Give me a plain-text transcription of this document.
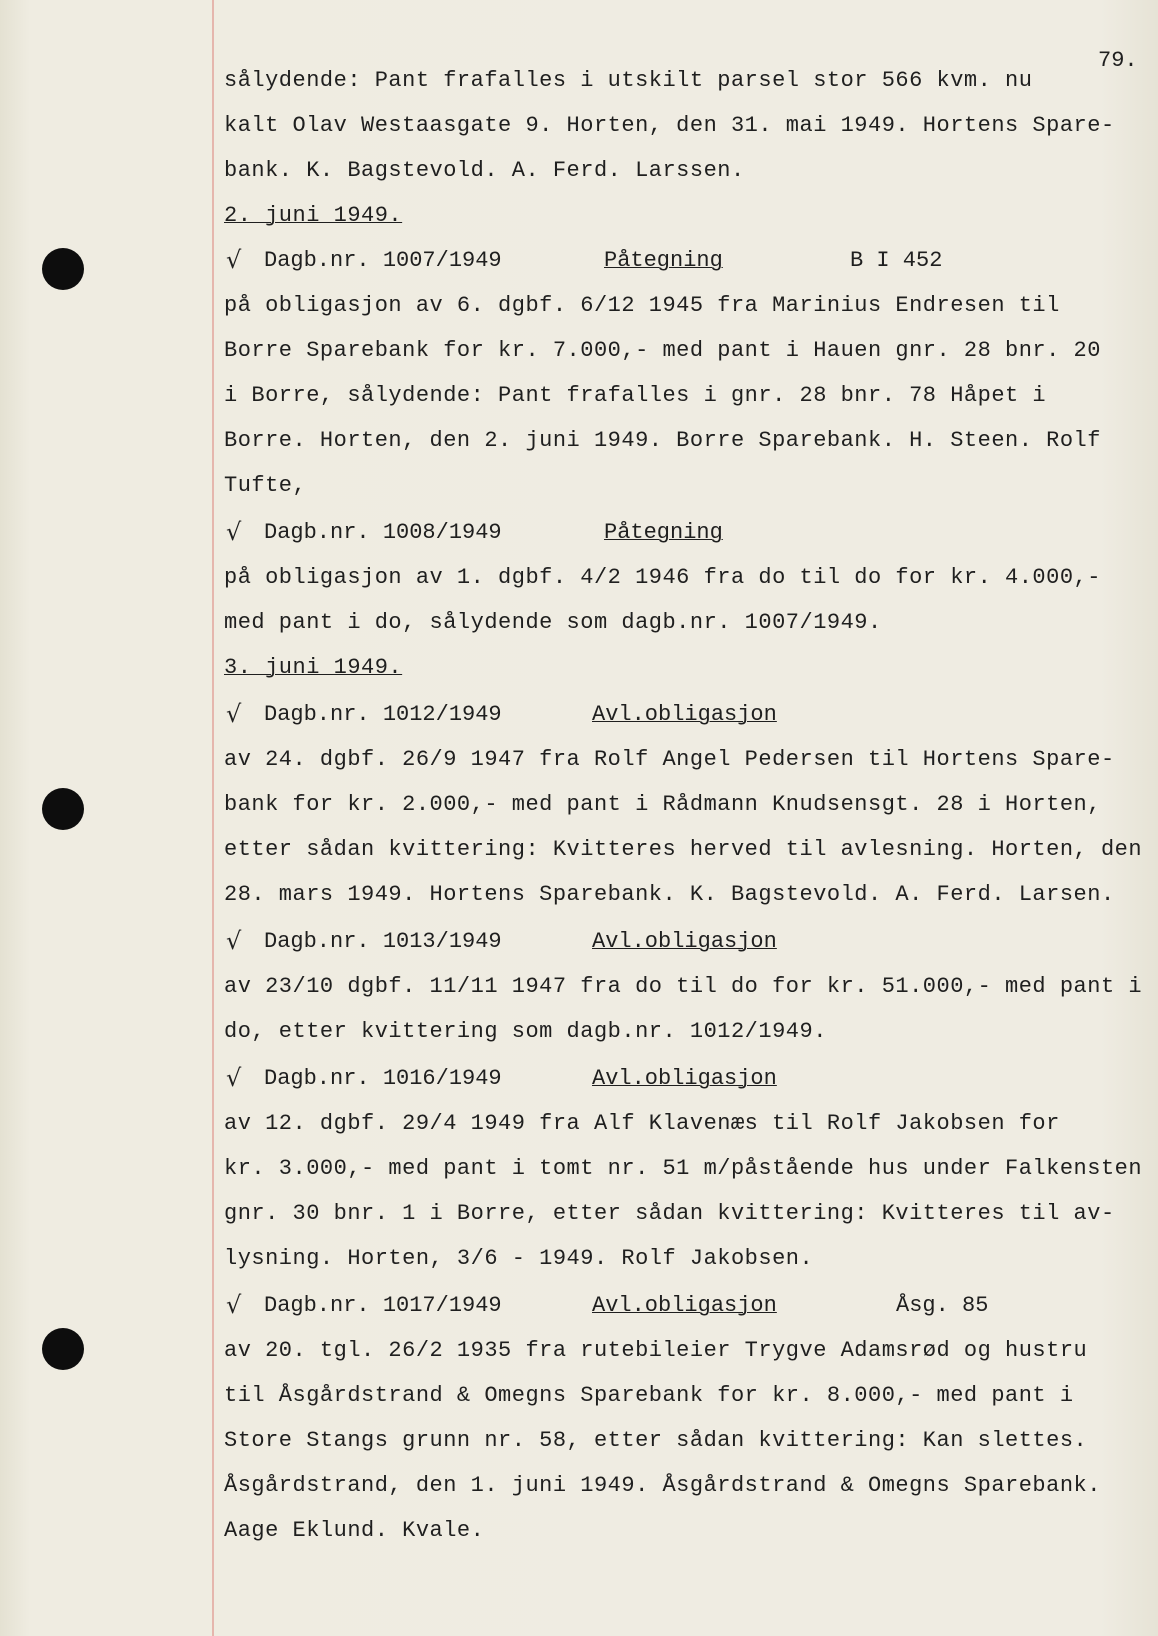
79.
sålydende: Pant frafalles i utskilt parsel stor 566 kvm. nu
kalt Olav Westaasgate 9. Horten, den 31. mai 1949. Hortens Spare-
bank. K. Bagstevold. A. Ferd. Larssen.
2. juni 1949.
√ Dagb.nr. 1007/1949	Påtegning	B I 452
på obligasjon av 6. dgbf. 6/12 1945 fra Marinius Endresen til
Borre Sparebank for kr. 7.000,- med pant i Hauen gnr. 28 bnr. 20
i Borre, sålydende: Pant frafalles i gnr. 28 bnr. 78 Håpet i
Borre. Horten, den 2. juni 1949. Borre Sparebank. H. Steen. Rolf
Tufte,
√ Dagb.nr. 1008/1949	Påtegning
på obligasjon av 1. dgbf. 4/2 1946 fra do til do for kr. 4.000,-
med pant i do, sålydende som dagb.nr. 1007/1949.
3. juni 1949.
√ Dagb.nr. 1012/1949	Avl.obligasjon
av 24. dgbf. 26/9 1947 fra Rolf Angel Pedersen til Hortens Spare-
bank for kr. 2.000,- med pant i Rådmann Knudsensgt. 28 i Horten,
etter sådan kvittering: Kvitteres herved til avlesning. Horten, den
28. mars 1949. Hortens Sparebank. K. Bagstevold. A. Ferd. Larsen.
√ Dagb.nr. 1013/1949	Avl.obligasjon
av 23/10 dgbf. 11/11 1947 fra do til do for kr. 51.000,- med pant i
do, etter kvittering som dagb.nr. 1012/1949.
√ Dagb.nr. 1016/1949	Avl.obligasjon
av 12. dgbf. 29/4 1949 fra Alf Klavenæs til Rolf Jakobsen for
kr. 3.000,- med pant i tomt nr. 51 m/påstående hus under Falkensten
gnr. 30 bnr. 1 i Borre, etter sådan kvittering: Kvitteres til av-
lysning. Horten, 3/6 - 1949. Rolf Jakobsen.
√ Dagb.nr. 1017/1949	Avl.obligasjon	Åsg. 85
av 20. tgl. 26/2 1935 fra rutebileier Trygve Adamsrød og hustru
til Åsgårdstrand & Omegns Sparebank for kr. 8.000,- med pant i
Store Stangs grunn nr. 58, etter sådan kvittering: Kan slettes.
Åsgårdstrand, den 1. juni 1949. Åsgårdstrand & Omegns Sparebank.
Aage Eklund. Kvale.
